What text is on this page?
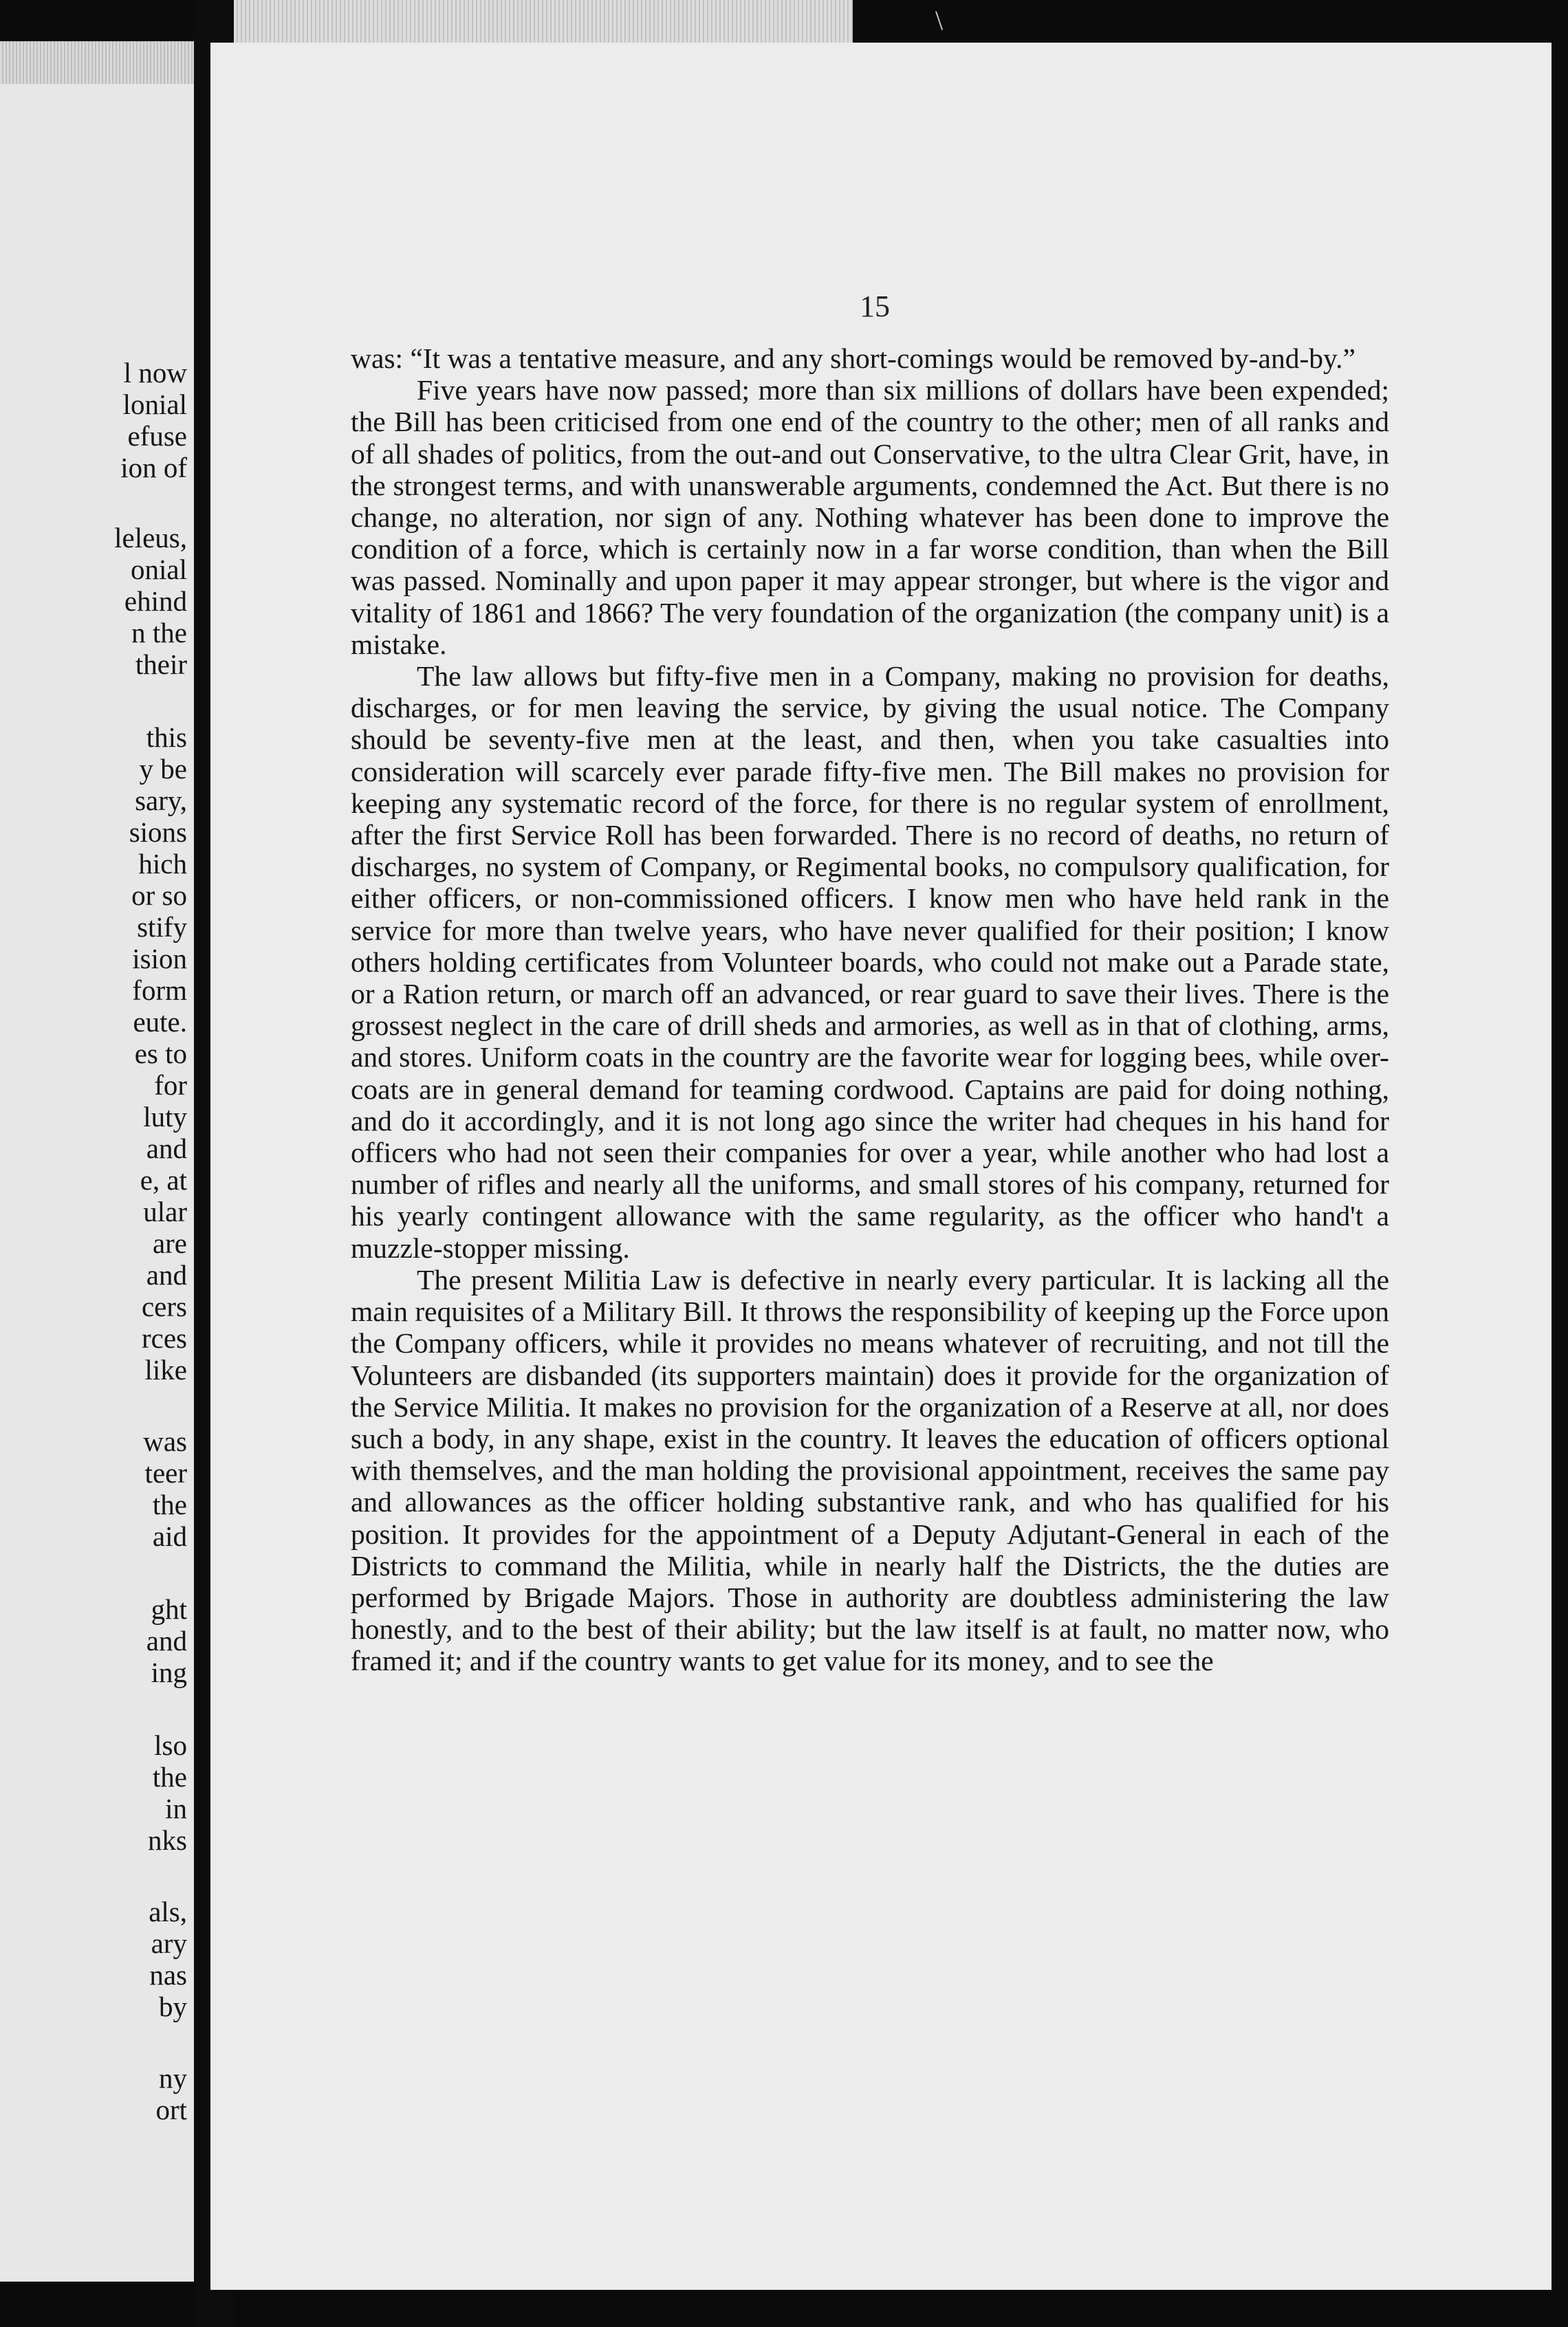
l now

lonial

efuse

ion of

leleus,

onial

ehind

n the

their

this

y be

sary,

sions

hich

or so

stify

ision

form

eute.

es to

for

luty

and

e, at

ular

are

and

cers

rces

like

was

teer

the

aid

ght

and

ing

lso

the

in

nks

als,

ary

nas

by

ny

ort

\

15

was: “It was a tentative measure, and any short-comings would be removed by-and-by.”

Five years have now passed; more than six millions of dollars have been expended; the Bill has been criticised from one end of the country to the other; men of all ranks and of all shades of politics, from the out-and out Conservative, to the ultra Clear Grit, have, in the strongest terms, and with unanswerable arguments, condemned the Act. But there is no change, no alteration, nor sign of any. Nothing whatever has been done to improve the condition of a force, which is certainly now in a far worse condition, than when the Bill was passed. Nominally and upon paper it may appear stronger, but where is the vigor and vitality of 1861 and 1866? The very foundation of the organization (the company unit) is a mistake.

The law allows but fifty-five men in a Company, making no provision for deaths, discharges, or for men leaving the service, by giving the usual notice. The Company should be seventy-five men at the least, and then, when you take casualties into consideration will scarcely ever parade fifty-five men. The Bill makes no provision for keeping any systematic record of the force, for there is no regular system of enrollment, after the first Service Roll has been forwarded. There is no record of deaths, no return of discharges, no system of Company, or Regimental books, no compulsory qualification, for either officers, or non-commissioned officers. I know men who have held rank in the service for more than twelve years, who have never qualified for their position; I know others holding certificates from Volunteer boards, who could not make out a Parade state, or a Ration return, or march off an advanced, or rear guard to save their lives. There is the grossest neglect in the care of drill sheds and armories, as well as in that of clothing, arms, and stores. Uniform coats in the country are the favorite wear for logging bees, while over-coats are in general demand for teaming cordwood. Captains are paid for doing nothing, and do it accordingly, and it is not long ago since the writer had cheques in his hand for officers who had not seen their companies for over a year, while another who had lost a number of rifles and nearly all the uniforms, and small stores of his company, returned for his yearly contingent allowance with the same regularity, as the officer who hand't a muzzle-stopper missing.

The present Militia Law is defective in nearly every particular. It is lacking all the main requisites of a Military Bill. It throws the responsibility of keeping up the Force upon the Company officers, while it provides no means whatever of recruiting, and not till the Volunteers are disbanded (its supporters maintain) does it provide for the organization of the Service Militia. It makes no provision for the organization of a Reserve at all, nor does such a body, in any shape, exist in the country. It leaves the education of officers optional with themselves, and the man holding the provisional appointment, receives the same pay and allowances as the officer holding substantive rank, and who has qualified for his position. It provides for the appointment of a Deputy Adjutant-General in each of the Districts to command the Militia, while in nearly half the Districts, the the duties are performed by Brigade Majors. Those in authority are doubtless administering the law honestly, and to the best of their ability; but the law itself is at fault, no matter now, who framed it; and if the country wants to get value for its money, and to see the
